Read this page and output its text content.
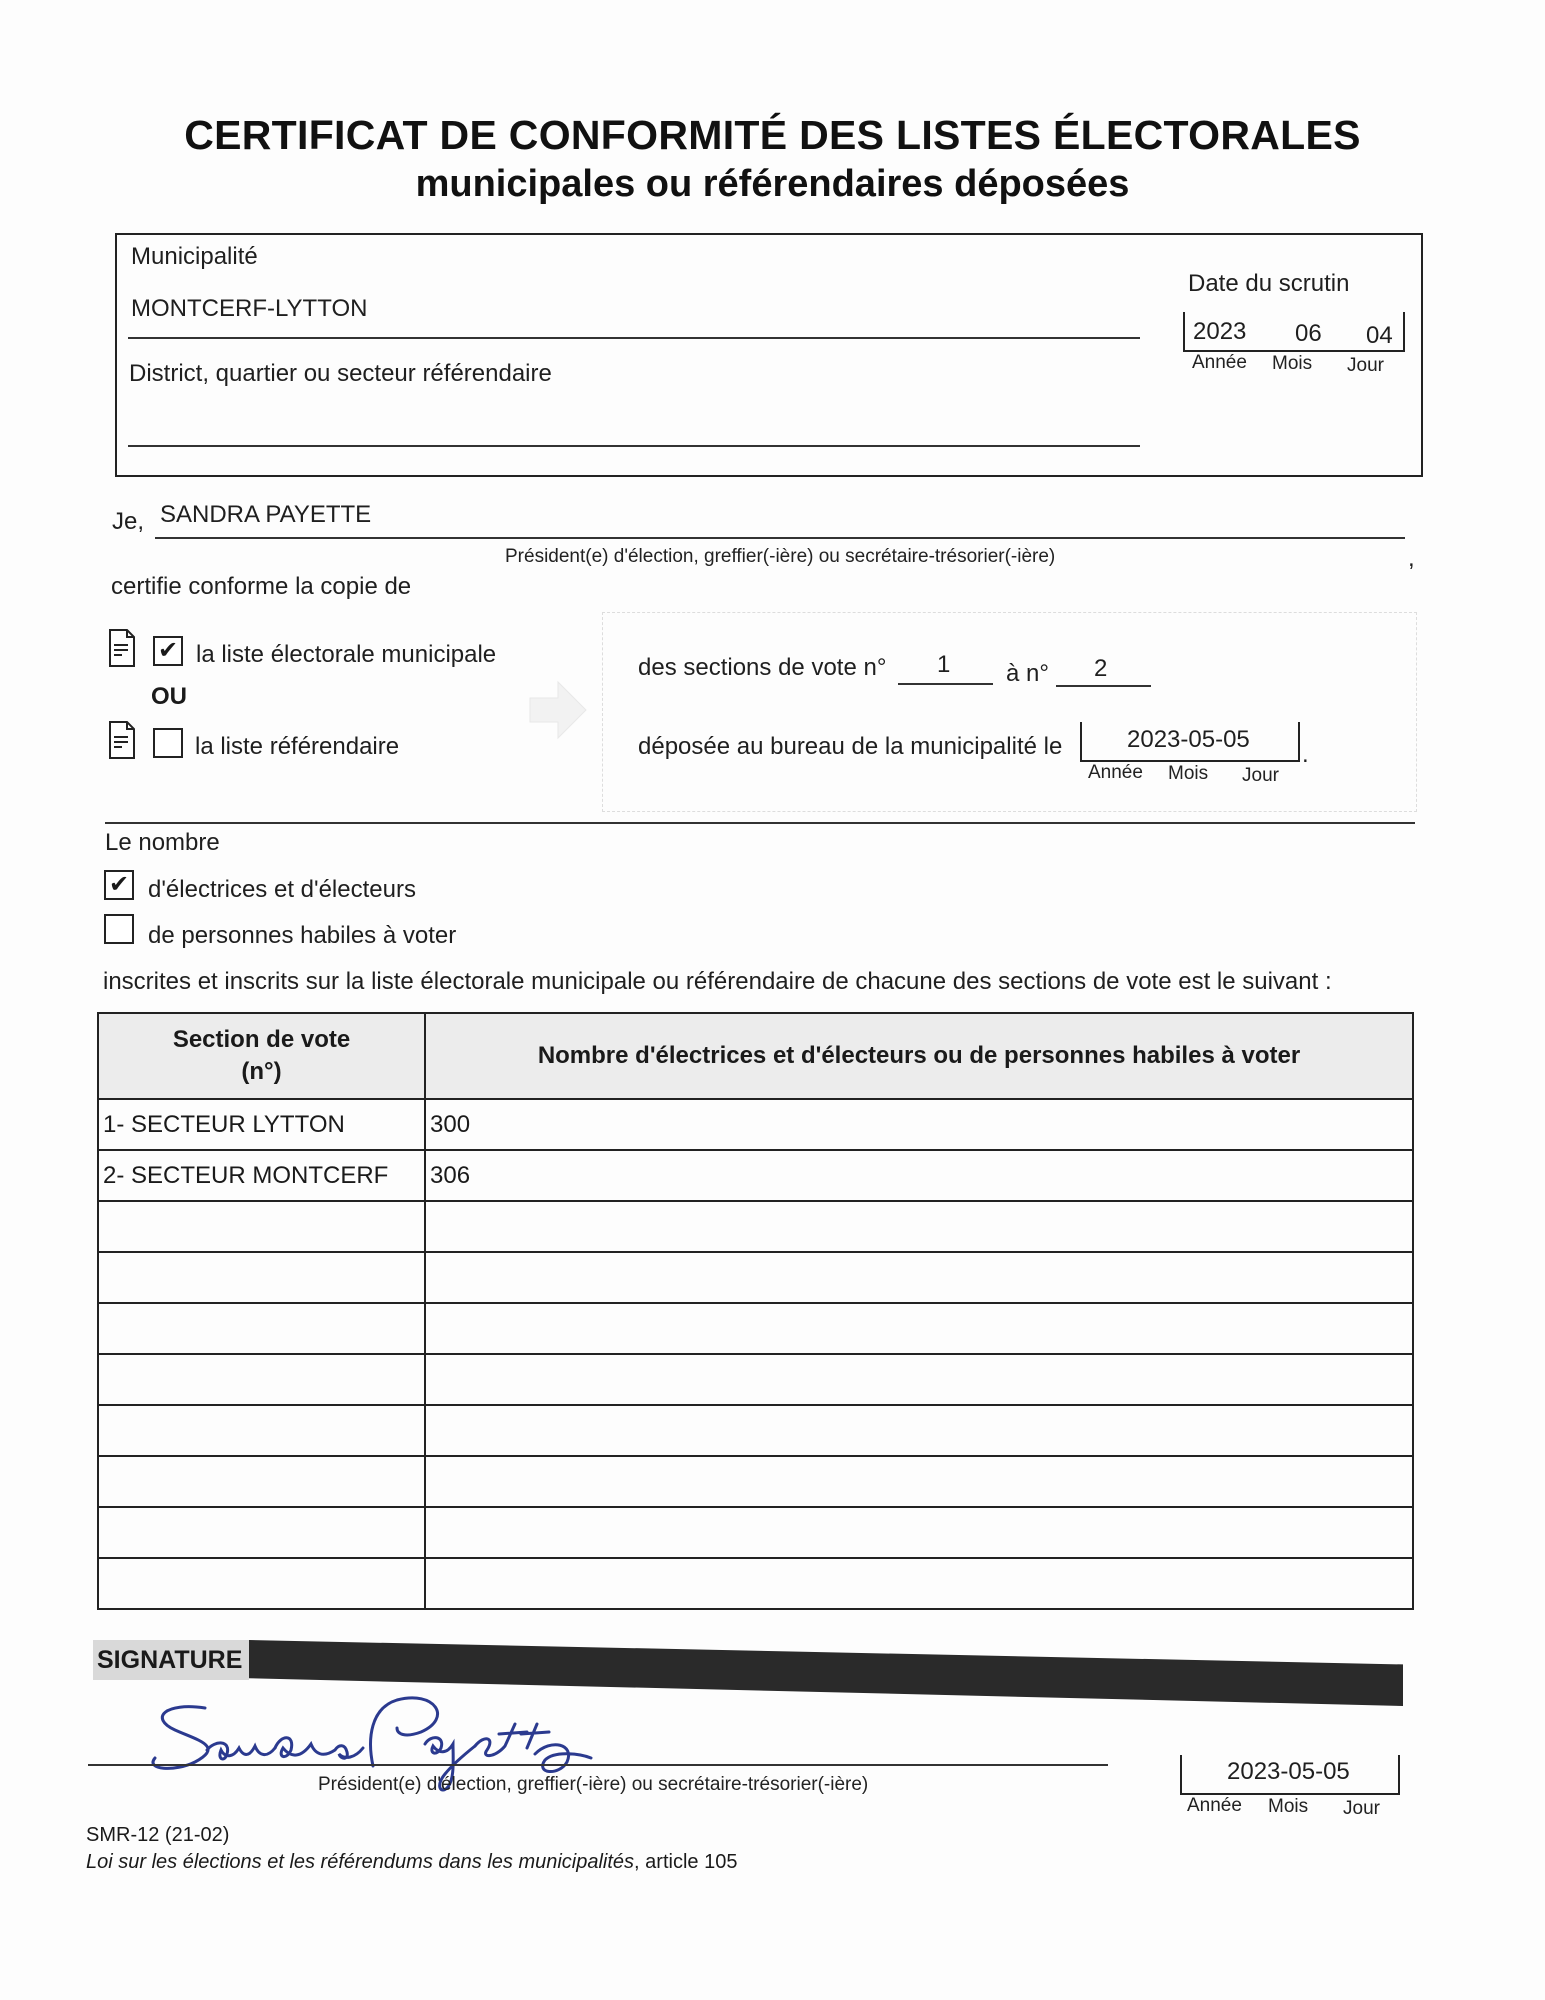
CERTIFICAT DE CONFORMITÉ DES LISTES ÉLECTORALES
municipales ou référendaires déposées
Municipalité
MONTCERF-LYTTON
District, quartier ou secteur référendaire
Date du scrutin
2023 06 04
Année Mois Jour
Je, SANDRA PAYETTE
Président(e) d'élection, greffier(-ière) ou secrétaire-trésorier(-ière)	,
certifie conforme la copie de
✔ la liste électorale municipale
OU
la liste référendaire
des sections de vote n° 1 à n° 2
déposée au bureau de la municipalité le	2023-05-05
.
Année Mois Jour
Le nombre
✔ d'électrices et d'électeurs
de personnes habiles à voter
inscrites et inscrits sur la liste électorale municipale ou référendaire de chacune des sections de vote est le suivant :
Section de vote
(n°)	Nombre d'électrices et d'électeurs ou de personnes habiles à voter
1- SECTEUR LYTTON	300
2- SECTEUR MONTCERF	306

SIGNATURE
Président(e) d'élection, greffier(-ière) ou secrétaire-trésorier(-ière)	2023-05-05
Année Mois Jour
SMR-12 (21-02)
Loi sur les élections et les référendums dans les municipalités, article 105
